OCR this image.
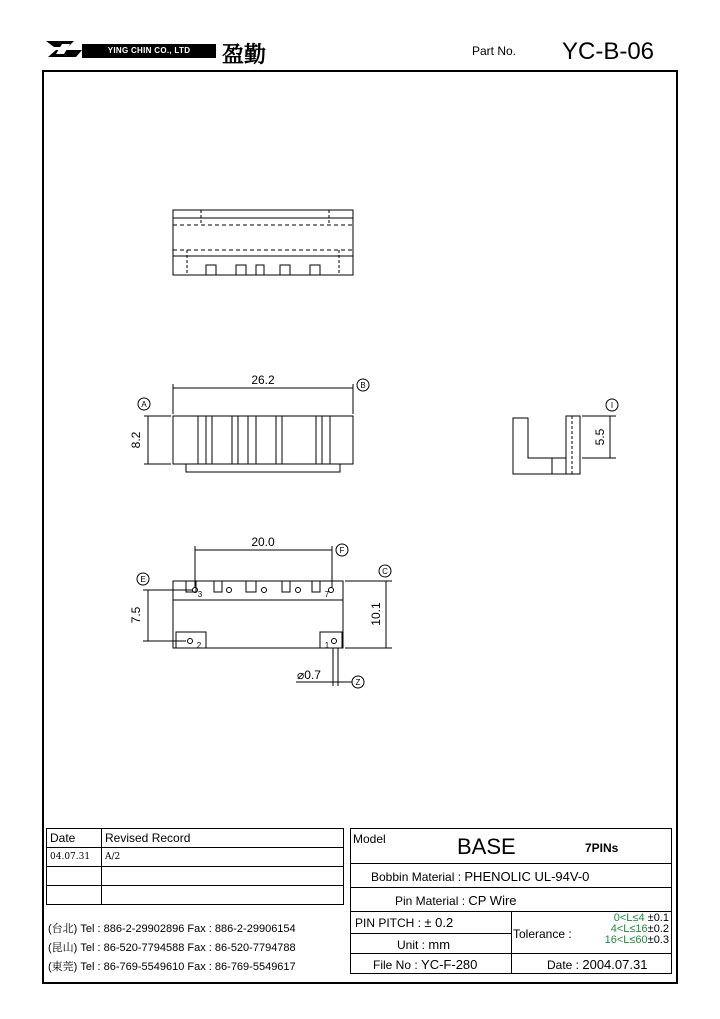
YING CHIN CO., LTD	盈勤	Part No. YC-B-06
26.2
8.2	5.5
20.0
7.5	10.1
⌀0.7
B
A	I
F
E
C
Z
3	7
2	1
Date	Revised Record
04.07.31	A/2

(台北) Tel : 886-2-29902896 Fax : 886-2-29906154
(昆山) Tel : 86-520-7794588 Fax : 86-520-7794788
(東莞) Tel : 86-769-5549610 Fax : 86-769-5549617
Model	BASE	7PINs
Bobbin Material : PHENOLIC UL-94V-0
Pin Material : CP Wire
PIN PITCH : ± 0.2
Unit : mm
File No : YC-F-280
Tolerance :
0<L≤4 ±0.1
4<L≤16±0.2
16<L≤60±0.3
Date : 2004.07.31
